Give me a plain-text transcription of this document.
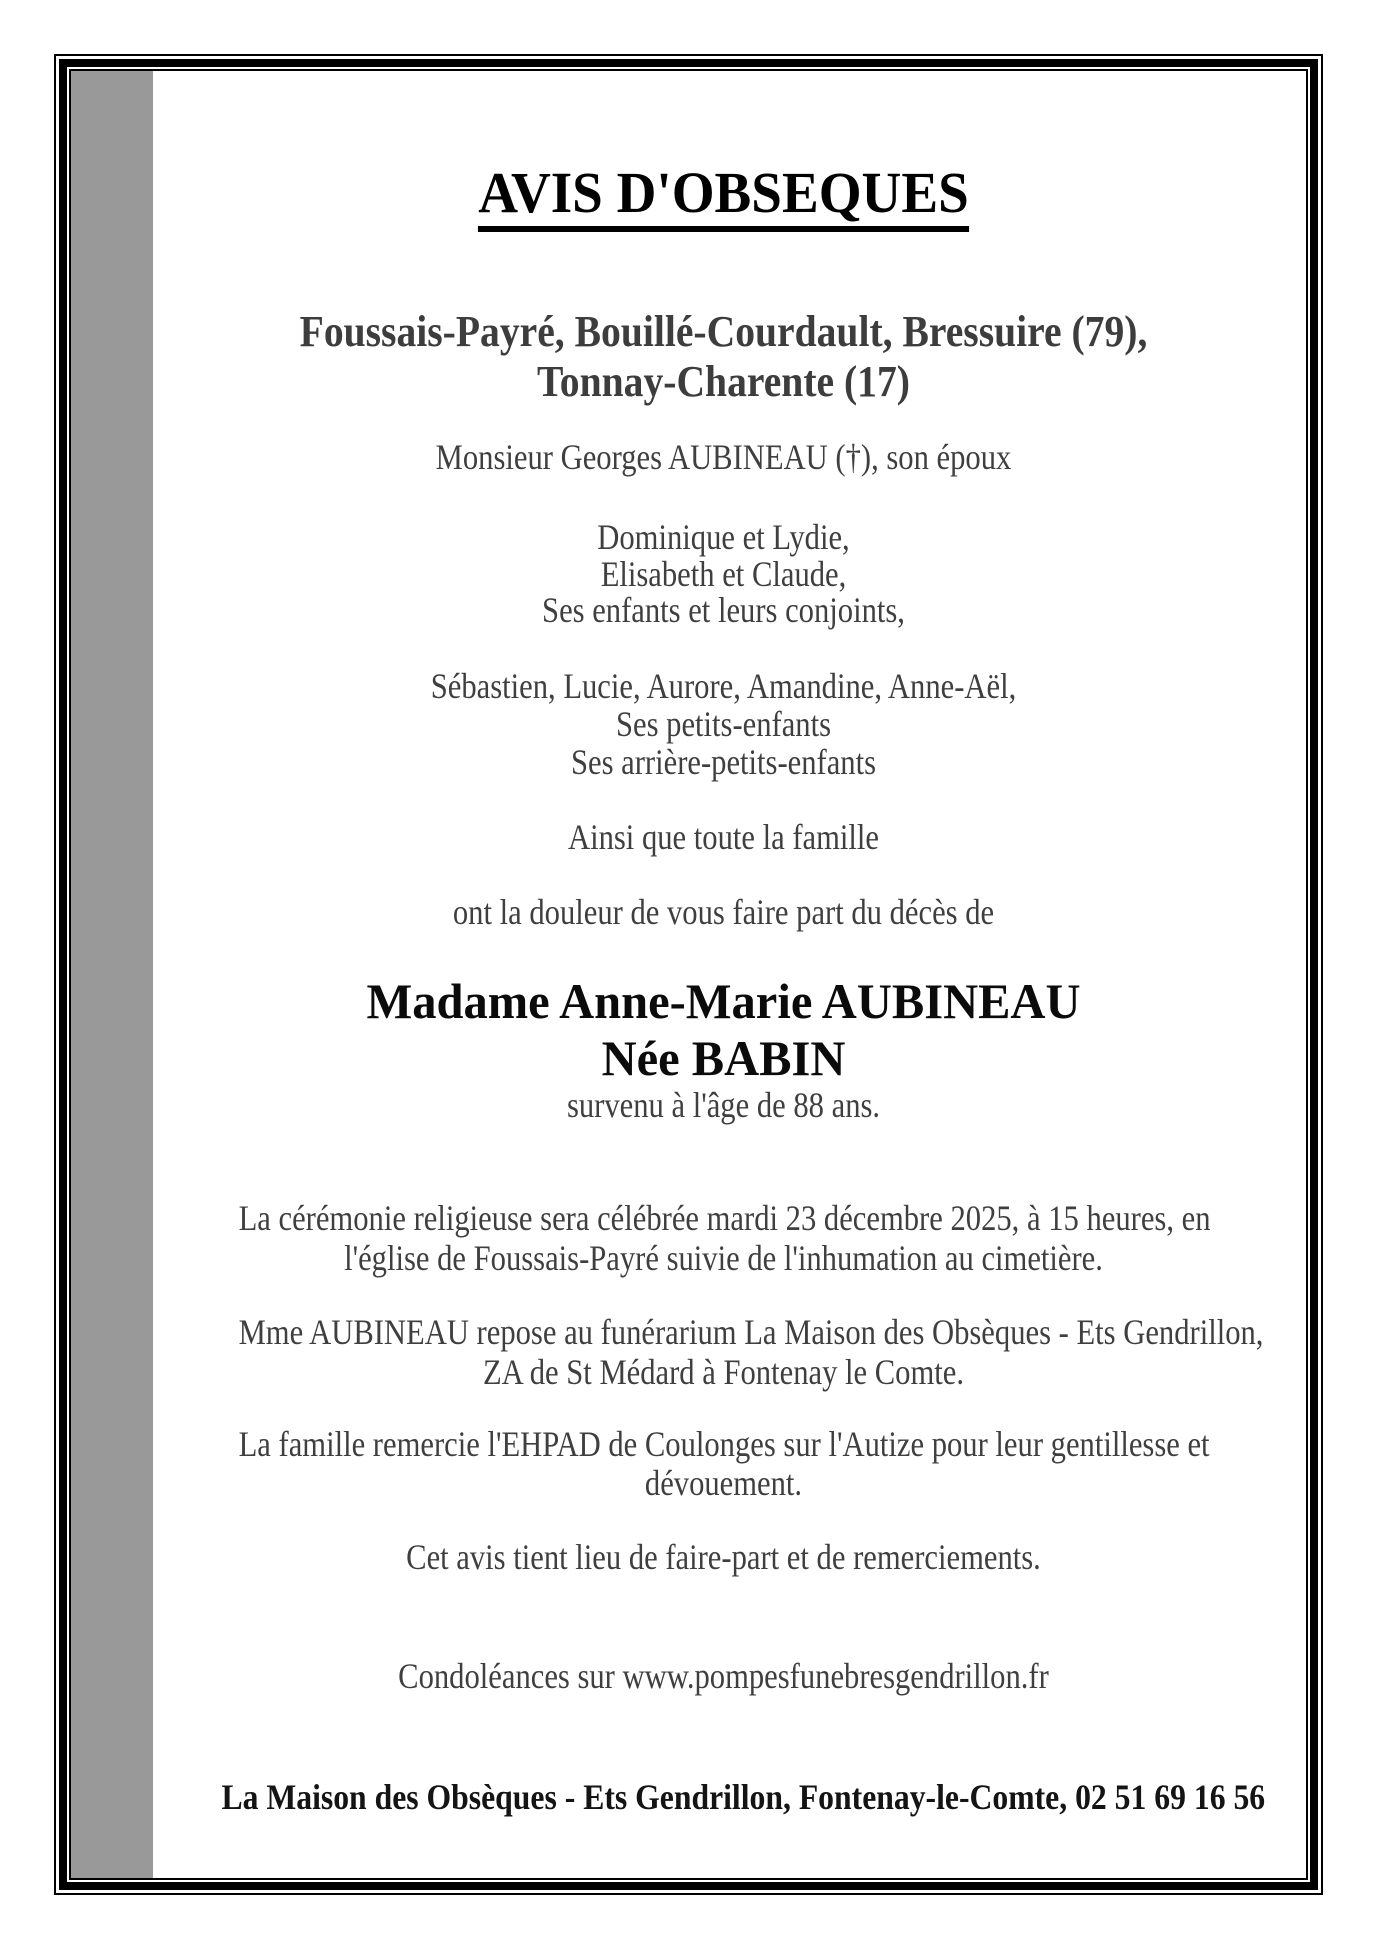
AVIS D'OBSEQUES
Foussais-Payré, Bouillé-Courdault, Bressuire (79),
Tonnay-Charente (17)
Monsieur Georges AUBINEAU (†), son époux
Dominique et Lydie,
Elisabeth et Claude,
Ses enfants et leurs conjoints,
Sébastien, Lucie, Aurore, Amandine, Anne-Aël,
Ses petits-enfants
Ses arrière-petits-enfants
Ainsi que toute la famille
ont la douleur de vous faire part du décès de
Madame Anne-Marie AUBINEAU
Née BABIN
survenu à l'âge de 88 ans.
La cérémonie religieuse sera célébrée mardi 23 décembre 2025, à 15 heures, en
l'église de Foussais-Payré suivie de l'inhumation au cimetière.
Mme AUBINEAU repose au funérarium La Maison des Obsèques - Ets Gendrillon,
ZA de St Médard à Fontenay le Comte.
La famille remercie l'EHPAD de Coulonges sur l'Autize pour leur gentillesse et
dévouement.
Cet avis tient lieu de faire-part et de remerciements.
Condoléances sur www.pompesfunebresgendrillon.fr
La Maison des Obsèques - Ets Gendrillon, Fontenay-le-Comte, 02 51 69 16 56
